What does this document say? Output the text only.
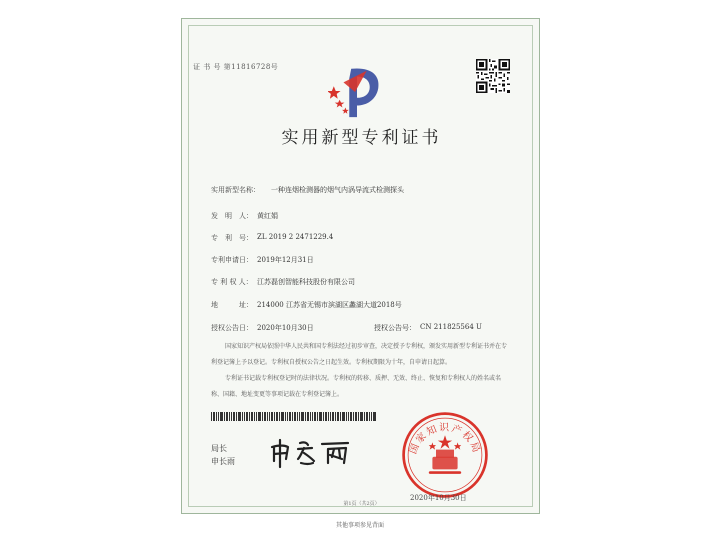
证 书 号 第11816728号
实用新型专利证书
实用新型名称： 一种连烟检测器的烟气内涡导流式检测探头
发　明　人： 黄红娟
专　利　号： ZL 2019 2 2471229.4
专利申请日： 2019年12月31日
专 利 权 人： 江苏磊创智能科技股份有限公司
地　　　址： 214000 江苏省无锡市滨湖区蠡湖大道2018号
授权公告日： 2020年10月30日	授权公告号： CN 211825564 U

国家知识产权局依照中华人民共和国专利法经过初步审查，决定授予专利权，颁发实用新型专利证书并在专利登记簿上予以登记。专利权自授权公告之日起生效。专利权期限为十年，自申请日起算。

专利证书记载专利权登记时的法律状况。专利权的转移、质押、无效、终止、恢复和专利权人的姓名或名称、国籍、地址变更等事项记载在专利登记簿上。

局长
申长雨
国家知识产权局
2020年10月30日
第1页（共2页）
其他事项参见背面
